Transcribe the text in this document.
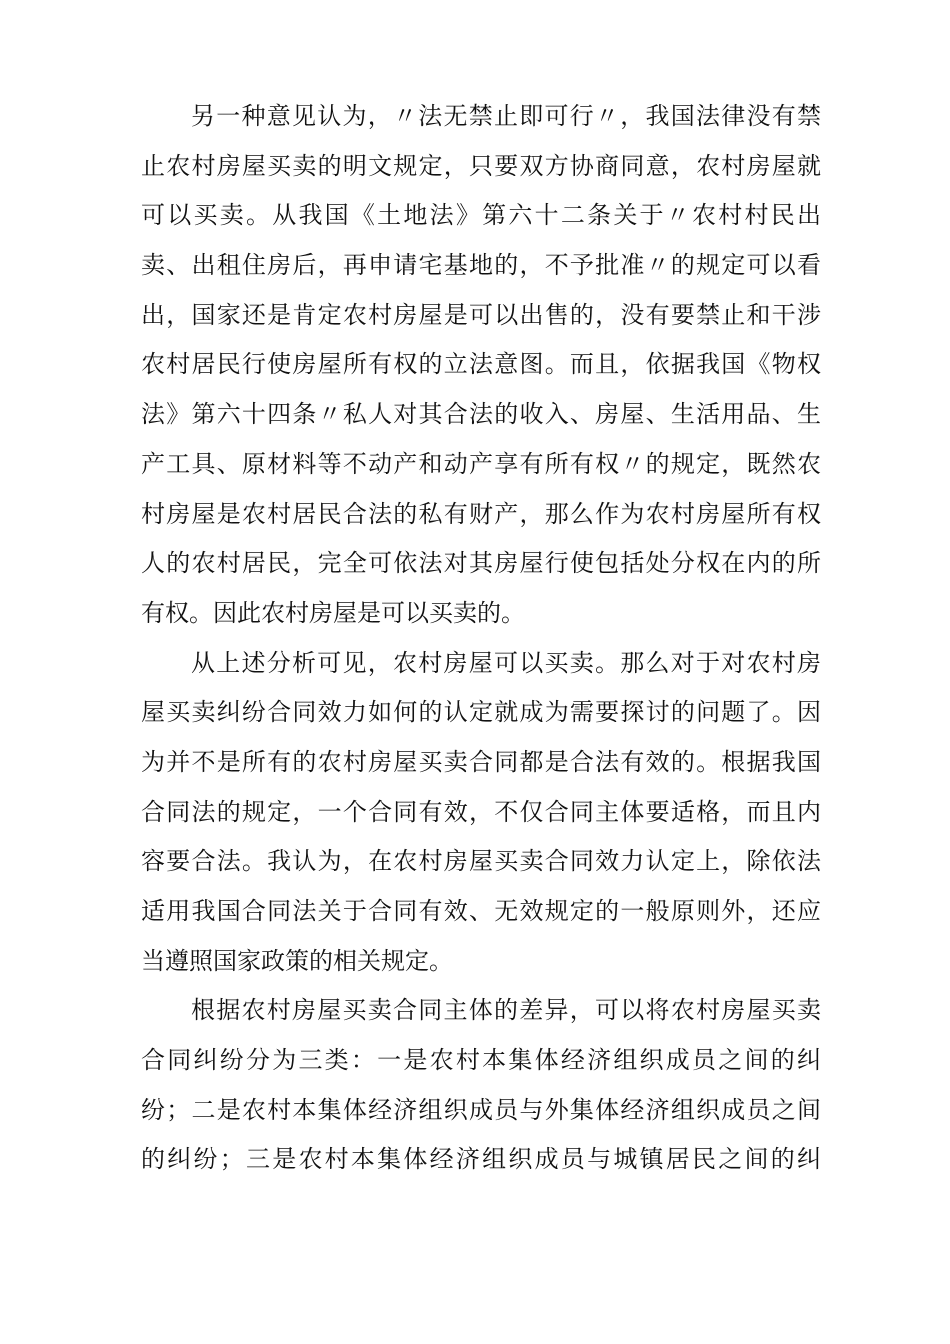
另一种意见认为，〃法无禁止即可行〃，我国法律没有禁
止农村房屋买卖的明文规定，只要双方协商同意，农村房屋就
可以买卖。从我国《土地法》第六十二条关于〃农村村民出
卖、出租住房后，再申请宅基地的，不予批准〃的规定可以看
出，国家还是肯定农村房屋是可以出售的，没有要禁止和干涉
农村居民行使房屋所有权的立法意图。而且，依据我国《物权
法》第六十四条〃私人对其合法的收入、房屋、生活用品、生
产工具、原材料等不动产和动产享有所有权〃的规定，既然农
村房屋是农村居民合法的私有财产，那么作为农村房屋所有权
人的农村居民，完全可依法对其房屋行使包括处分权在内的所
有权。因此农村房屋是可以买卖的。
从上述分析可见，农村房屋可以买卖。那么对于对农村房
屋买卖纠纷合同效力如何的认定就成为需要探讨的问题了。因
为并不是所有的农村房屋买卖合同都是合法有效的。根据我国
合同法的规定，一个合同有效，不仅合同主体要适格，而且内
容要合法。我认为，在农村房屋买卖合同效力认定上，除依法
适用我国合同法关于合同有效、无效规定的一般原则外，还应
当遵照国家政策的相关规定。
根据农村房屋买卖合同主体的差异，可以将农村房屋买卖
合同纠纷分为三类：一是农村本集体经济组织成员之间的纠
纷；二是农村本集体经济组织成员与外集体经济组织成员之间
的纠纷；三是农村本集体经济组织成员与城镇居民之间的纠
